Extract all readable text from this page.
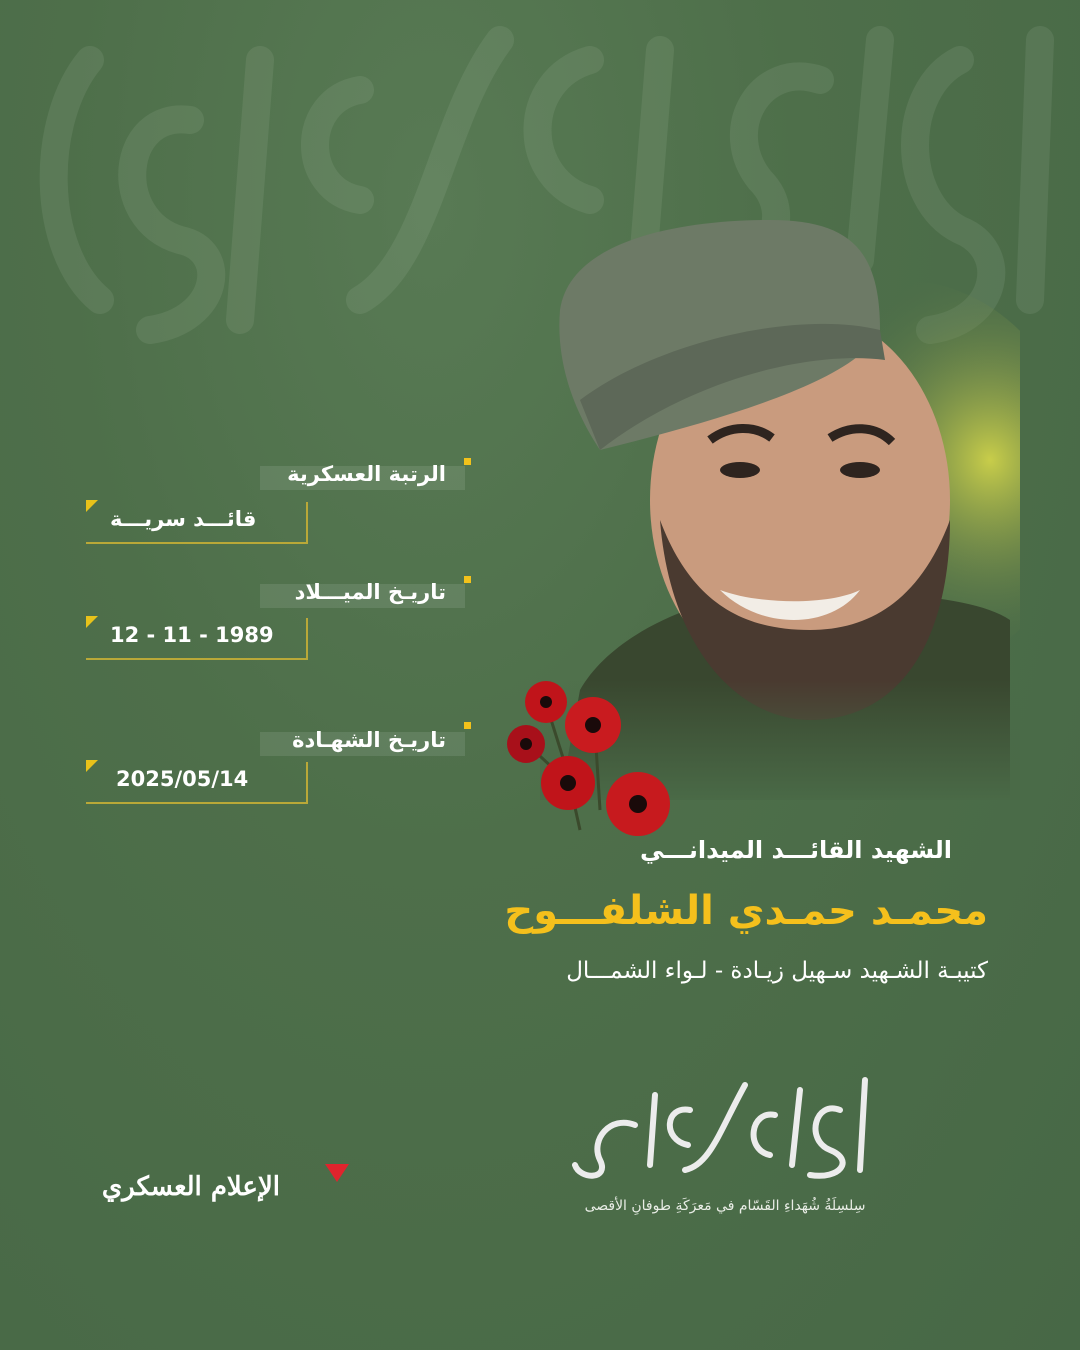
الرتبة العسكرية
قائـــد سريـــة
تاريـخ الميـــلاد
12 - 11 - 1989
تاريـخ الشهـادة
2025/05/14
الشهيد القائـــد الميدانـــي
محمـد حمـدي الشلفـــوح
كتيبـة الشـهيد سـهيل زيـادة - لـواء الشمـــال
سِلسِلَةُ شُهَداءِ القَسّام في مَعرَكَةِ طوفانِ الأقصى
الإعلام العسكري
